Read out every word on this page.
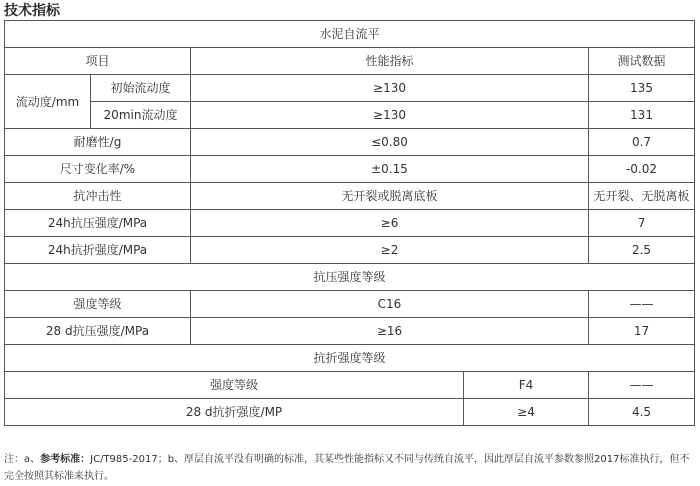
技术指标
水泥自流平				
项目		性能指标		测试数据
流动度/mm	初始流动度	≥130		135
	20min流动度	≥130		131
耐磨性/g		≤0.80		0.7
尺寸变化率/%		±0.15		-0.02
抗冲击性		无开裂或脱离底板		无开裂、无脱离板
24h抗压强度/MPa		≥6		7
24h抗折强度/MPa		≥2		2.5
抗压强度等级				
强度等级		C16		——
28 d抗压强度/MPa		≥16		17
抗折强度等级				
强度等级			F4	——
28 d抗折强度/MP			≥4	4.5
注：a、参考标准：JC/T985-2017；b、厚层自流平没有明确的标准，其某些性能指标又不同与传统自流平，因此厚层自流平参数参照2017标准执行，但不完全按照其标准来执行。
